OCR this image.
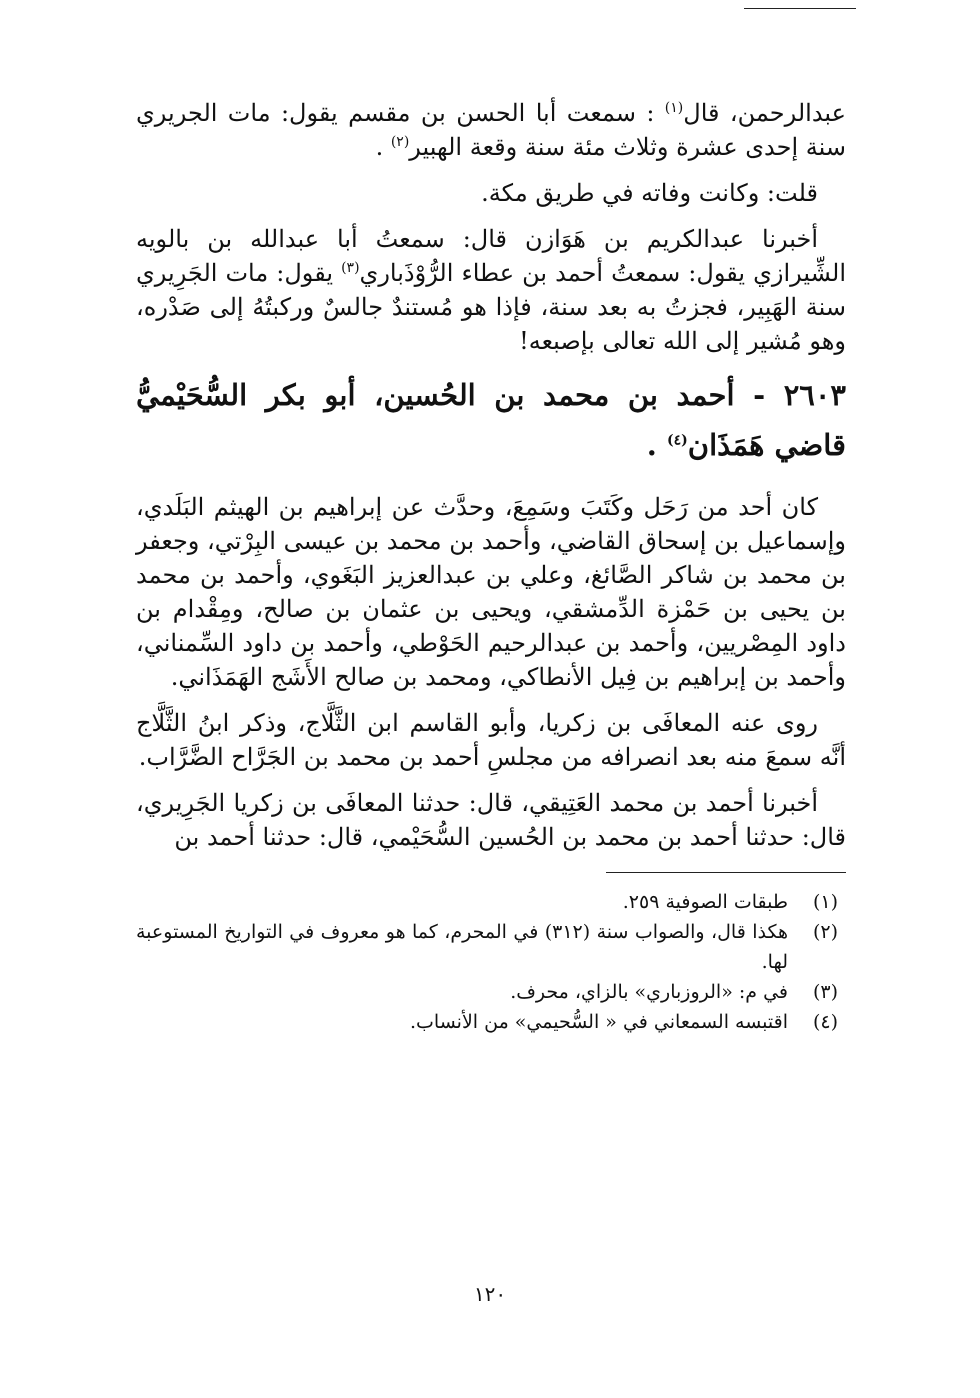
عبدالرحمن، قال$^{(١)}$ : سمعت أبا الحسن بن مقسم يقول: مات الجريري سنة إحدى عشرة وثلاث مئة سنة وقعة الهبير$^{(٢)}$ .

قلت: وكانت وفاته في طريق مكة.

أخبرنا عبدالكريم بن هَوَازن قال: سمعتُ أبا عبدالله بن بالويه الشِّيرازي يقول: سمعتُ أحمد بن عطاء الرُّوْذَباري$^{(٣)}$ يقول: مات الجَرِيري سنة الهَبِير، فجزتُ به بعد سنة، فإذا هو مُستندٌ جالسٌ وركبتُهُ إلى صَدْره، وهو مُشير إلى الله تعالى بإصبعه!

٢٦٠٣ - أحمد بن محمد بن الحُسين، أبو بكر السُّحَيْميُّ قاضي هَمَذَان$^{(٤)}$ .

كان أحد من رَحَل وكَتَبَ وسَمِعَ، وحدَّث عن إبراهيم بن الهيثم البَلَدي، وإسماعيل بن إسحاق القاضي، وأحمد بن محمد بن عيسى البِرْتي، وجعفر بن محمد بن شاكر الصَّائغ، وعلي بن عبدالعزيز البَغَوي، وأحمد بن محمد بن يحيى بن حَمْزة الدِّمشقي، ويحيى بن عثمان بن صالح، ومِقْدام بن داود المِصْريين، وأحمد بن عبدالرحيم الحَوْطي، وأحمد بن داود السِّمناني، وأحمد بن إبراهيم بن فِيل الأنطاكي، ومحمد بن صالح الأَشَج الهَمَذَاني.

روى عنه المعافَى بن زكريا، وأبو القاسم ابن الثَّلَّاج، وذكر ابنُ الثَّلَّاج أنَّه سمعَ منه بعد انصرافه من مجلسِ أحمد بن محمد بن الجَرَّاح الضَّرَّاب.

أخبرنا أحمد بن محمد العَتِيقي، قال: حدثنا المعافَى بن زكريا الجَرِيري، قال: حدثنا أحمد بن محمد بن الحُسين السُّحَيْمي، قال: حدثنا أحمد بن

(١)
طبقات الصوفية ٢٥٩.
(٢)
هكذا قال، والصواب سنة (٣١٢) في المحرم، كما هو معروف في التواريخ المستوعبة لها.
(٣)
في م: «الروزباري» بالزاي، محرف.
(٤)
اقتبسه السمعاني في « السُّحيمي» من الأنساب.
١٢٠
